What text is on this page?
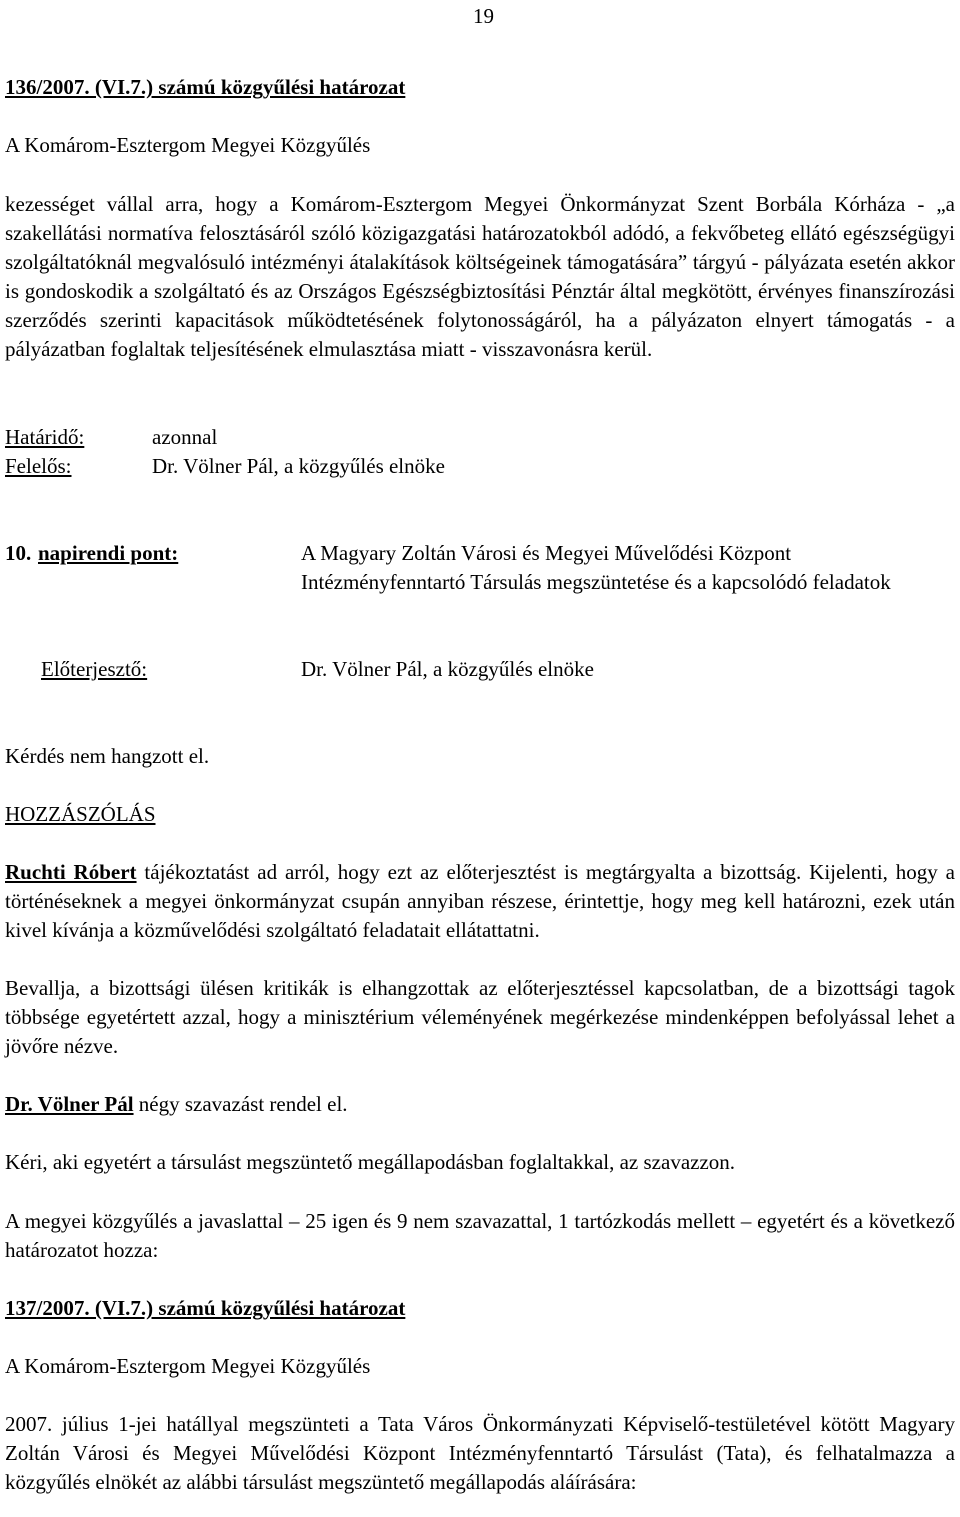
19
136/2007. (VI.7.) számú közgyűlési határozat
A Komárom-Esztergom Megyei Közgyűlés

kezességet vállal arra, hogy a Komárom-Esztergom Megyei Önkormányzat Szent Borbála Kórháza - „a szakellátási normatíva felosztásáról szóló közigazgatási határozatokból adódó, a fekvőbeteg ellátó egészségügyi szolgáltatóknál megvalósuló intézményi átalakítások költségeinek támogatására” tárgyú - pályázata esetén akkor is gondoskodik a szolgáltató és az Országos Egészségbiztosítási Pénztár által megkötött, érvényes finanszírozási szerződés szerinti kapacitások működtetésének folytonosságáról, ha a pályázaton elnyert támogatás - a pályázatban foglaltak teljesítésének elmulasztása miatt - visszavonásra kerül.

Határidő:	azonnal
Felelős:	Dr. Völner Pál, a közgyűlés elnöke
10. napirendi pont:	A Magyary Zoltán Városi és Megyei Művelődési Központ Intézményfenntartó Társulás megszüntetése és a kapcsolódó feladatok
Előterjesztő:	Dr. Völner Pál, a közgyűlés elnöke
Kérdés nem hangzott el.
HOZZÁSZÓLÁS

Ruchti Róbert tájékoztatást ad arról, hogy ezt az előterjesztést is megtárgyalta a bizottság. Kijelenti, hogy a történéseknek a megyei önkormányzat csupán annyiban részese, érintettje, hogy meg kell határozni, ezek után kivel kívánja a közművelődési szolgáltató feladatait ellátattatni.

Bevallja, a bizottsági ülésen kritikák is elhangzottak az előterjesztéssel kapcsolatban, de a bizottsági tagok többsége egyetértett azzal, hogy a minisztérium véleményének megérkezése mindenképpen befolyással lehet a jövőre nézve.

Dr. Völner Pál négy szavazást rendel el.

Kéri, aki egyetért a társulást megszüntető megállapodásban foglaltakkal, az szavazzon.

A megyei közgyűlés a javaslattal – 25 igen és 9 nem szavazattal, 1 tartózkodás mellett – egyetért és a következő határozatot hozza:

137/2007. (VI.7.) számú közgyűlési határozat
A Komárom-Esztergom Megyei Közgyűlés

2007. július 1-jei hatállyal megszünteti a Tata Város Önkormányzati Képviselő-testületével kötött Magyary Zoltán Városi és Megyei Művelődési Központ Intézményfenntartó Társulást (Tata), és felhatalmazza a közgyűlés elnökét az alábbi társulást megszüntető megállapodás aláírására:
